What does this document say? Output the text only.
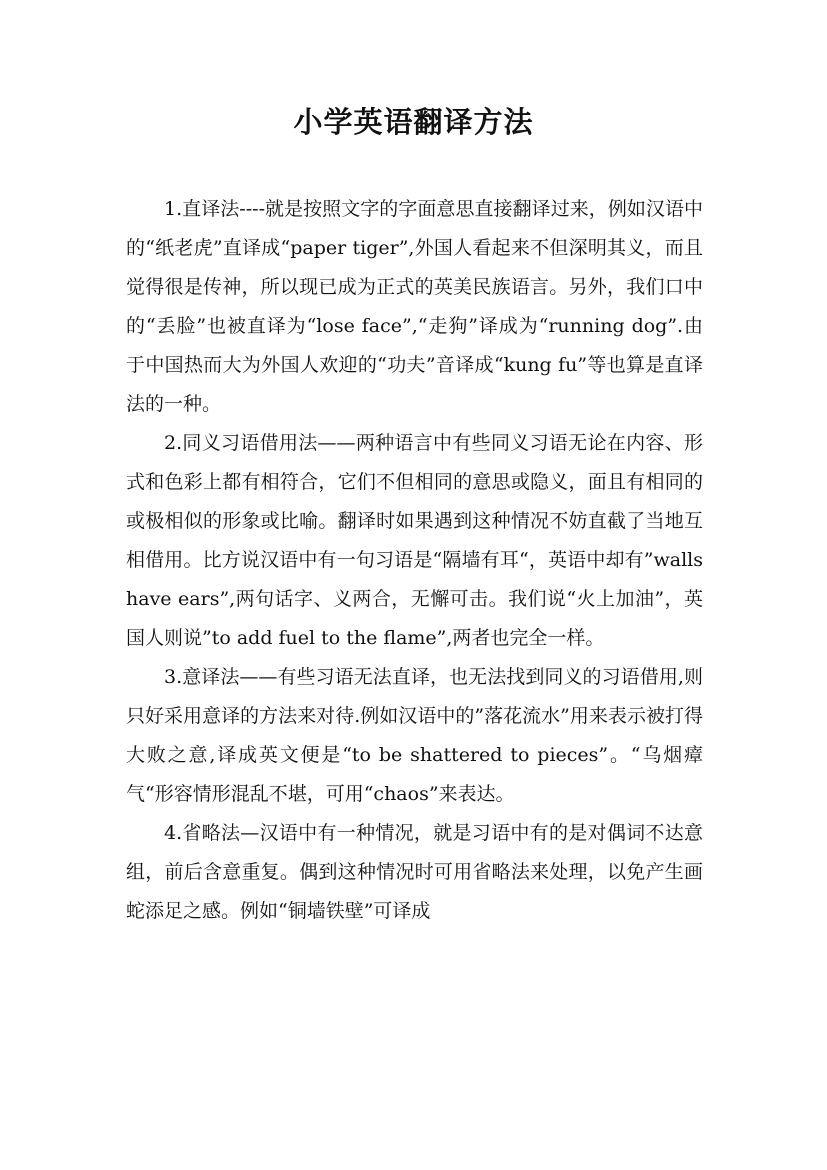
小学英语翻译方法

1.直译法----就是按照文字的字面意思直接翻译过来，例如汉语中的“纸老虎”直译成“paper tiger”,外国人看起来不但深明其义，而且觉得很是传神，所以现已成为正式的英美民族语言。另外，我们口中的“丢脸”也被直译为“lose face”,“走狗”译成为“running dog”.由于中国热而大为外国人欢迎的“功夫”音译成“kung fu”等也算是直译法的一种。

2.同义习语借用法——两种语言中有些同义习语无论在内容、形式和色彩上都有相符合，它们不但相同的意思或隐义，面且有相同的或极相似的形象或比喻。翻译时如果遇到这种情况不妨直截了当地互相借用。比方说汉语中有一句习语是“隔墙有耳“，英语中却有”walls have ears”,两句话字、义两合，无懈可击。我们说“火上加油”，英国人则说”to add fuel to the flame”,两者也完全一样。

3.意译法——有些习语无法直译，也无法找到同义的习语借用,则只好采用意译的方法来对待.例如汉语中的”落花流水”用来表示被打得大败之意,译成英文便是“to be shattered to pieces”。“乌烟瘴气“形容情形混乱不堪，可用“chaos”来表达。

4.省略法—汉语中有一种情况，就是习语中有的是对偶词不达意组，前后含意重复。偶到这种情况时可用省略法来处理，以免产生画蛇添足之感。例如“铜墙铁壁”可译成
